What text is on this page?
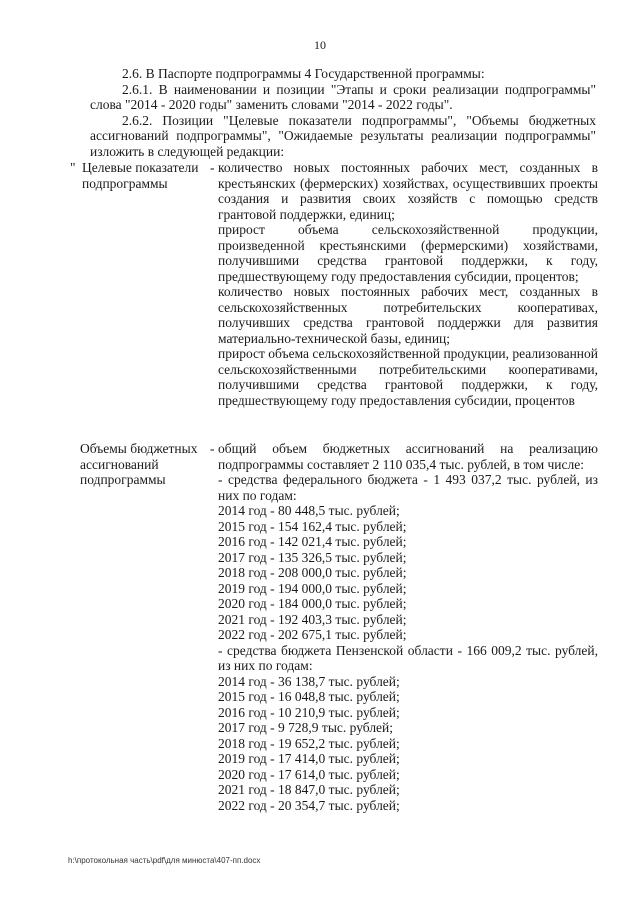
10

2.6. В Паспорте подпрограммы 4 Государственной программы:

2.6.1. В наименовании и позиции "Этапы и сроки реализации подпрограммы" слова "2014 - 2020 годы" заменить словами "2014 - 2022 годы".

2.6.2. Позиции "Целевые показатели подпрограммы", "Объемы бюджетных ассигнований подпрограммы", "Ожидаемые результаты реализации подпрограммы" изложить в следующей редакции:

" Целевые показатели подпрограммы
- количество новых постоянных рабочих мест, созданных в крестьянских (фермерских) хозяйствах, осуществивших проекты создания и развития своих хозяйств с помощью средств грантовой поддержки, единиц;

прирост объема сельскохозяйственной продукции, произведенной крестьянскими (фермерскими) хозяйствами, получившими средства грантовой поддержки, к году, предшествующему году предоставления субсидии, процентов;

количество новых постоянных рабочих мест, созданных в сельскохозяйственных потребительских кооперативах, получивших средства грантовой поддержки для развития материально-технической базы, единиц;

прирост объема сельскохозяйственной продукции, реализованной сельскохозяйственными потребительскими кооперативами, получившими средства грантовой поддержки, к году, предшествующему году предоставления субсидии, процентов

Объемы бюджетных ассигнований подпрограммы
- общий объем бюджетных ассигнований на реализацию подпрограммы составляет 2 110 035,4 тыс. рублей, в том числе:

- средства федерального бюджета - 1 493 037,2 тыс. рублей, из них по годам:

2014 год - 80 448,5 тыс. рублей;

2015 год - 154 162,4 тыс. рублей;

2016 год - 142 021,4 тыс. рублей;

2017 год - 135 326,5 тыс. рублей;

2018 год - 208 000,0 тыс. рублей;

2019 год - 194 000,0 тыс. рублей;

2020 год - 184 000,0 тыс. рублей;

2021 год - 192 403,3 тыс. рублей;

2022 год - 202 675,1 тыс. рублей;

- средства бюджета Пензенской области - 166 009,2 тыс. рублей, из них по годам:

2014 год - 36 138,7 тыс. рублей;

2015 год - 16 048,8 тыс. рублей;

2016 год - 10 210,9 тыс. рублей;

2017 год - 9 728,9 тыс. рублей;

2018 год - 19 652,2 тыс. рублей;

2019 год - 17 414,0 тыс. рублей;

2020 год - 17 614,0 тыс. рублей;

2021 год - 18 847,0 тыс. рублей;

2022 год - 20 354,7 тыс. рублей;

h:\протокольная часть\pdf\для минюста\407-пп.docx
